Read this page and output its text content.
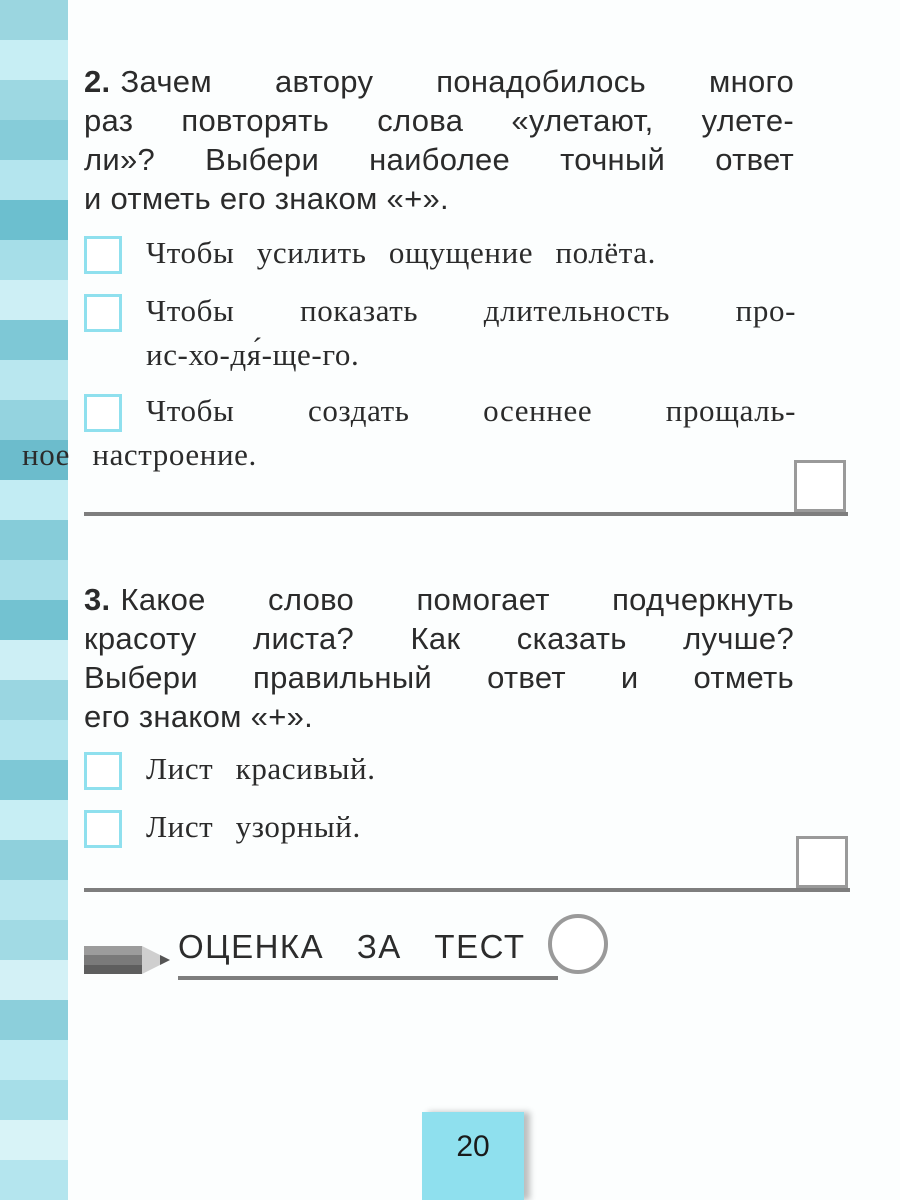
2. Зачем автору понадобилось много
раз повторять слова «улетают, улете-
ли»? Выбери наиболее точный ответ
и отметь его знаком «+».
Чтобы усилить ощущение полёта.
Чтобы показать длительность про-
ис-хо-дя́-ще-го.
Чтобы создать осеннее прощаль-
ное настроение.
3. Какое слово помогает подчеркнуть
красоту листа? Как сказать лучше?
Выбери правильный ответ и отметь
его знаком «+».
Лист красивый.
Лист узорный.
ОЦЕНКА ЗА ТЕСТ
20
